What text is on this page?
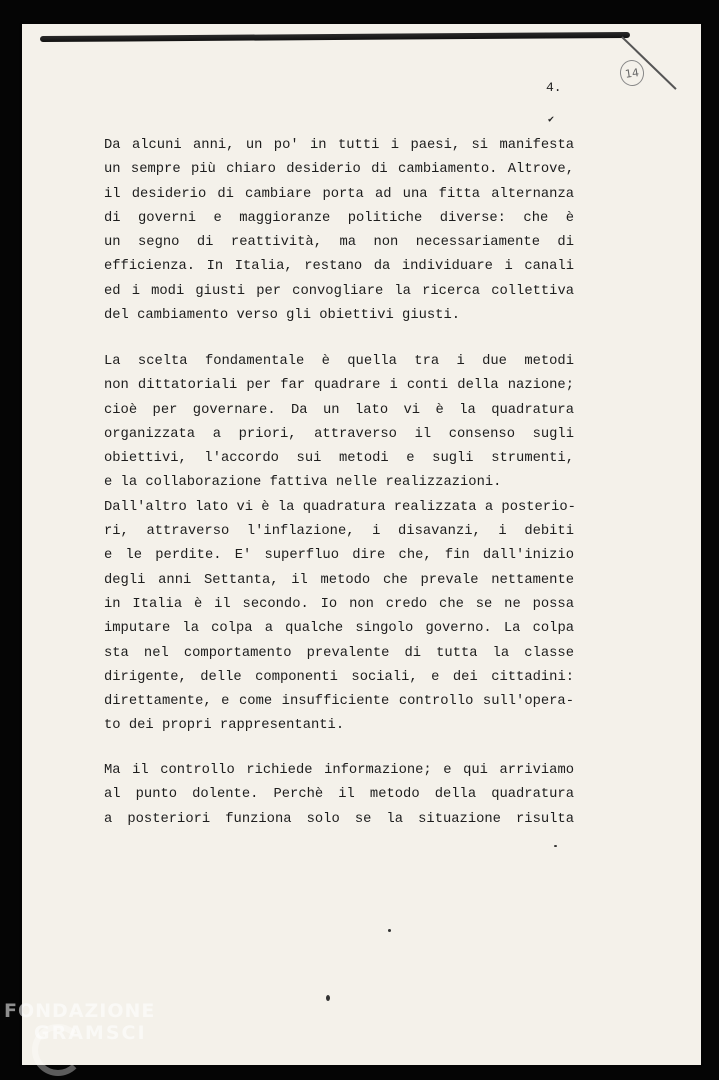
4.
14
✔
Da alcuni anni, un po' in tutti i paesi, si manifesta
un sempre più chiaro desiderio di cambiamento. Altrove,
il desiderio di cambiare porta ad una fitta alternanza
di governi e maggioranze politiche diverse: che è
un segno di reattività, ma non necessariamente di
efficienza. In Italia, restano da individuare i canali
ed i modi giusti per convogliare la ricerca collettiva
del cambiamento verso gli obiettivi giusti.
La scelta fondamentale è quella tra i due metodi
non dittatoriali per far quadrare i conti della nazione;
cioè per governare. Da un lato vi è la quadratura
organizzata a priori, attraverso il consenso sugli
obiettivi, l'accordo sui metodi e sugli strumenti,
e la collaborazione fattiva nelle realizzazioni.
Dall'altro lato vi è la quadratura realizzata a posterio-
ri, attraverso l'inflazione, i disavanzi, i debiti
e le perdite. E' superfluo dire che, fin dall'inizio
degli anni Settanta, il metodo che prevale nettamente
in Italia è il secondo. Io non credo che se ne possa
imputare la colpa a qualche singolo governo. La colpa
sta nel comportamento prevalente di tutta la classe
dirigente, delle componenti sociali, e dei cittadini:
direttamente, e come insufficiente controllo sull'opera-
to dei propri rappresentanti.
Ma il controllo richiede informazione; e qui arriviamo
al punto dolente. Perchè il metodo della quadratura
a posteriori funziona solo se la situazione risulta
FONDAZIONE
GRAMSCI
